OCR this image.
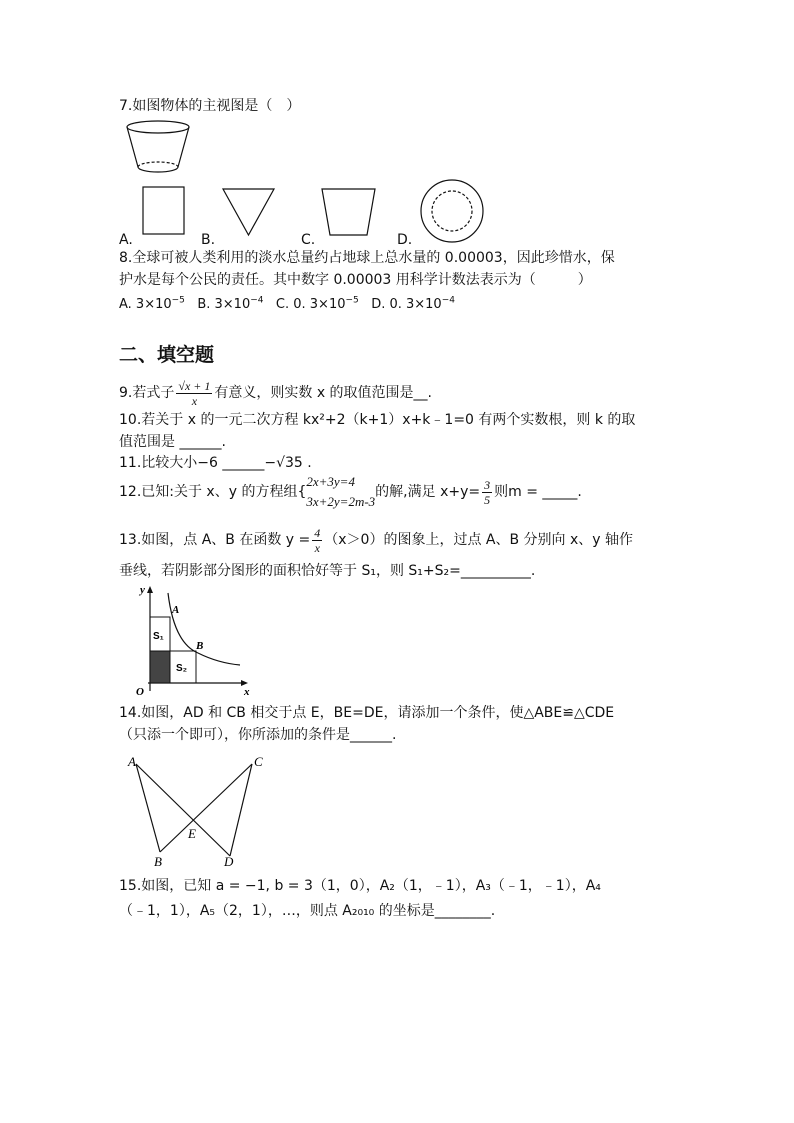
7.如图物体的主视图是（　）
A.	B.	C.	D.
8.全球可被人类利用的淡水总量约占地球上总水量的 0.00003，因此珍惜水，保
护水是每个公民的责任。其中数字 0.00003 用科学计数法表示为（　　　）
A. $3\times 10^{-5}$ B. $3\times 10^{-4}$ C. 0. $3\times 10^{-5}$ D. 0. $3\times 10^{-4}$
二、填空题
9.若式子 $\frac{√x + 1}{x}$ 有意义，则实数 x 的取值范围是__.
10.若关于 x 的一元二次方程 kx²+2（k+1）x+k﹣1=0 有两个实数根，则 k 的取
值范围是 ______.
11.比较大小−6 ______−√35 .
12.已知:关于 x、y 的方程组{
2x+3y=4
3x+2y=2m-3
的解,满足 $x+y= \frac{3}{5}$ 则m = _____.
13.如图，点 A、B 在函数 $y = \frac{4}{x} (x>0)$的图象上，过点 A、B 分别向 x、y 轴作
垂线，若阴影部分图形的面积恰好等于 S₁，则 S₁+S₂=__________.
y
x
O
A
B
S₁
S₂
14.如图，AD 和 CB 相交于点 E，BE=DE，请添加一个条件，使△ABE≌△CDE
（只添一个即可），你所添加的条件是______.
A	C
B	D
E
15.如图，已知 a = −1, b = 3（1，0），A₂（1，﹣1），A₃（﹣1，﹣1），A₄
（﹣1，1），A₅（2，1），…，则点 A₂₀₁₀ 的坐标是________.
